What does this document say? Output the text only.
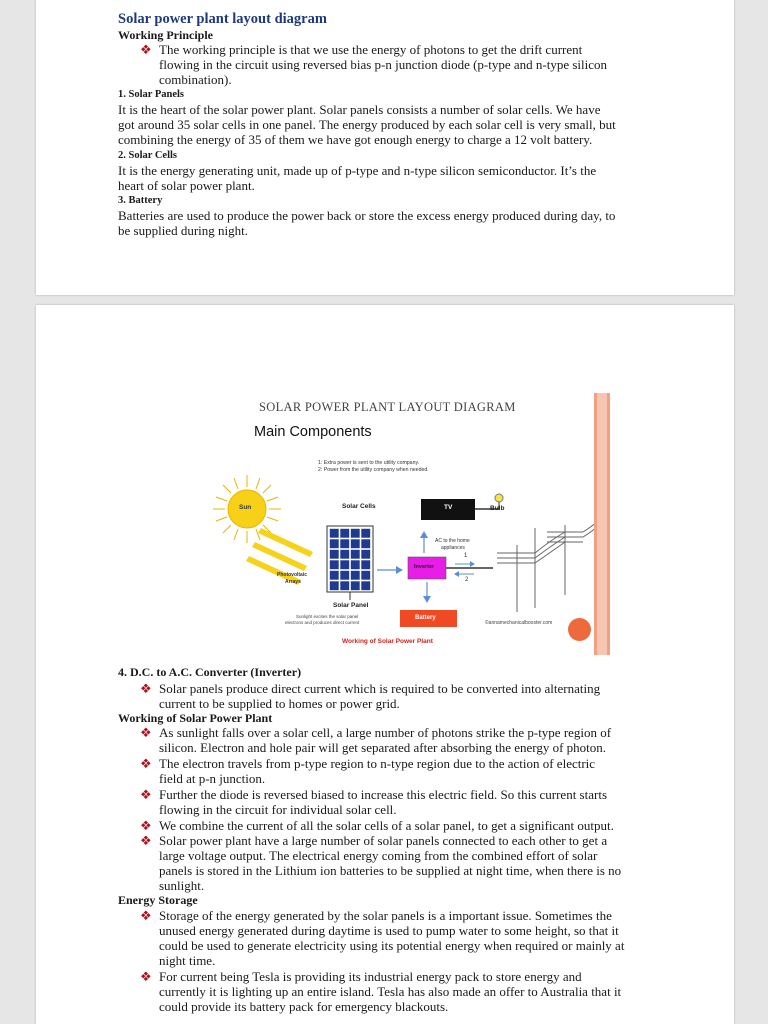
Solar power plant layout diagram
Working Principle
❖ The working principle is that we use the energy of photons to get the drift current
flowing in the circuit using reversed bias p-n junction diode (p-type and n-type silicon
combination).
1. Solar Panels
It is the heart of the solar power plant. Solar panels consists a number of solar cells. We have
got around 35 solar cells in one panel. The energy produced by each solar cell is very small, but
combining the energy of 35 of them we have got enough energy to charge a 12 volt battery.
2. Solar Cells
It is the energy generating unit, made up of p-type and n-type silicon semiconductor. It’s the
heart of solar power plant.
3. Battery
Batteries are used to produce the power back or store the excess energy produced during day, to
be supplied during night.
SOLAR POWER PLANT LAYOUT DIAGRAM
Main Components
1: Extra power is sent to the utility company.
2: Power from the utility company when needed.
Sun	Solar Cells	TV	Bulb
AC to the home
appliances
Photovoltaic
Arrays
Inverter
1
2
Solar Panel
Sunlight excites the solar panel
electrons and produces direct current
Battery
©annamechanicalbooster.com
Working of Solar Power Plant
4. D.C. to A.C. Converter (Inverter)
❖ Solar panels produce direct current which is required to be converted into alternating
current to be supplied to homes or power grid.
Working of Solar Power Plant
❖ As sunlight falls over a solar cell, a large number of photons strike the p-type region of
silicon. Electron and hole pair will get separated after absorbing the energy of photon.
❖ The electron travels from p-type region to n-type region due to the action of electric
field at p-n junction.
❖ Further the diode is reversed biased to increase this electric field. So this current starts
flowing in the circuit for individual solar cell.
❖ We combine the current of all the solar cells of a solar panel, to get a significant output.
❖ Solar power plant have a large number of solar panels connected to each other to get a
large voltage output. The electrical energy coming from the combined effort of solar
panels is stored in the Lithium ion batteries to be supplied at night time, when there is no
sunlight.
Energy Storage
❖ Storage of the energy generated by the solar panels is a important issue. Sometimes the
unused energy generated during daytime is used to pump water to some height, so that it
could be used to generate electricity using its potential energy when required or mainly at
night time.
❖ For current being Tesla is providing its industrial energy pack to store energy and
currently it is lighting up an entire island. Tesla has also made an offer to Australia that it
could provide its battery pack for emergency blackouts.
